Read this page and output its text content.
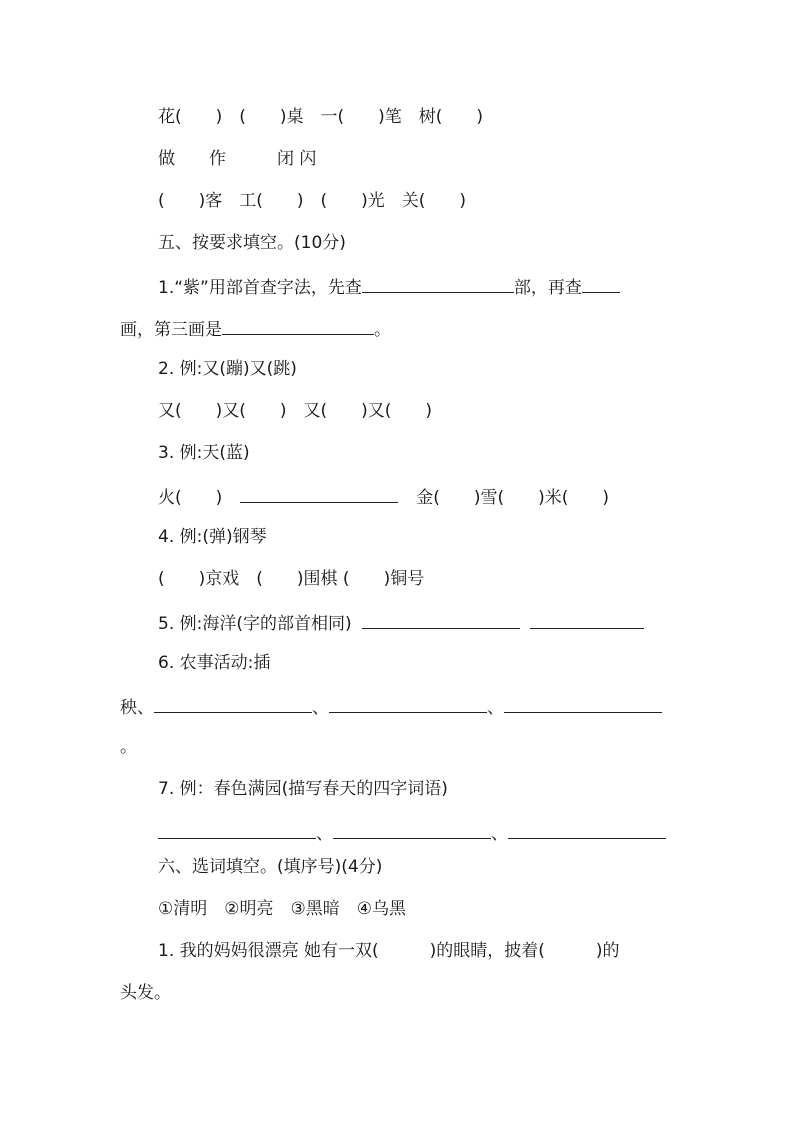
花(　　)　(　　)桌　一(　　)笔　树(　　)
做　　作　　　闭 闪
(　　)客　工(　　)　(　　)光　关(　　)
五、按要求填空。(10分)
1.“紫”用部首查字法，先查	部，再查
画，第三画是	。
2. 例:又(蹦)又(跳)
又(　　)又(　　)　又(　　)又(　　)
3. 例:天(蓝)
火(　　)	金(　　)雪(　　)米(　　)
4. 例:(弹)钢琴
(　　)京戏　(　　)围棋 (　　)铜号
5. 例:海洋(字的部首相同)
6. 农事活动:插
秧、	、	、
。
7. 例：春色满园(描写春天的四字词语)
、	、
六、选词填空。(填序号)(4分)
①清明　②明亮　③黑暗　④乌黑
1. 我的妈妈很漂亮 她有一双(　　　)的眼睛，披着(　　　)的
头发。
